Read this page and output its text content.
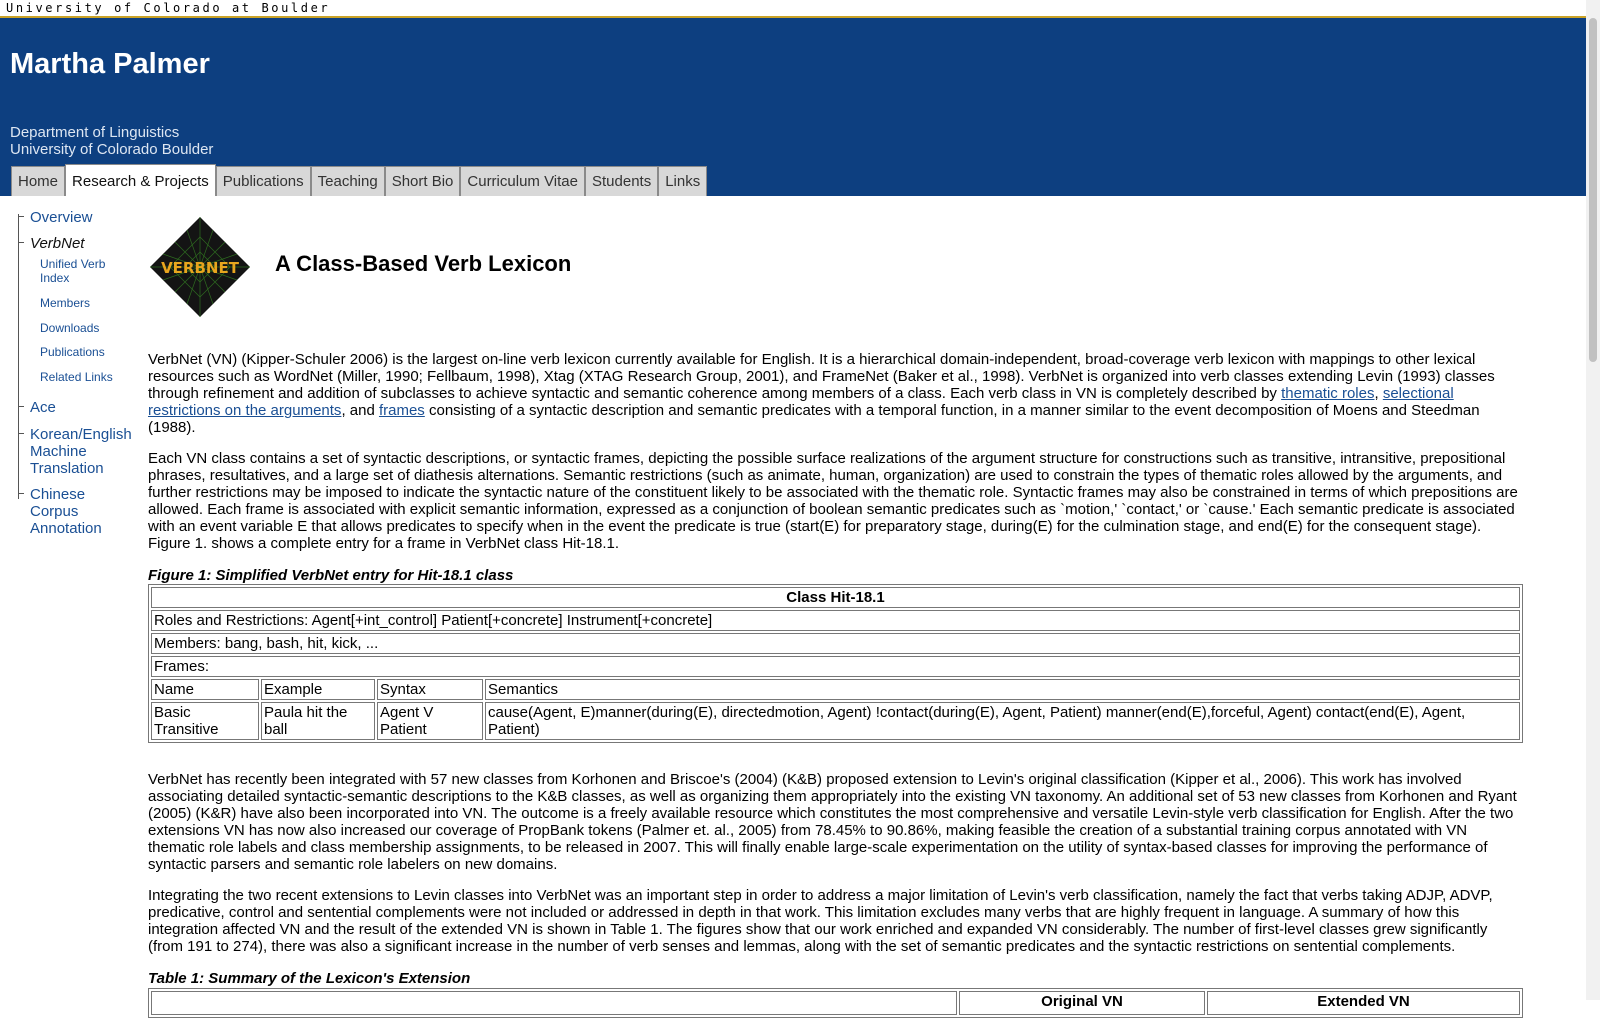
University of Colorado at Boulder
Martha Palmer
Department of Linguistics
University of Colorado Boulder
Home Research & Projects Publications Teaching Short Bio Curriculum Vitae Students Links
Overview
VerbNet
Unified Verb
Index
Members
Downloads
Publications
Related Links
Ace
Korean/English
Machine
Translation
Chinese
Corpus
Annotation
VERBNET A Class-Based Verb Lexicon

VerbNet (VN) (Kipper-Schuler 2006) is the largest on-line verb lexicon currently available for English. It is a hierarchical domain-independent, broad-coverage verb lexicon with mappings to other lexical resources such as WordNet (Miller, 1990; Fellbaum, 1998), Xtag (XTAG Research Group, 2001), and FrameNet (Baker et al., 1998). VerbNet is organized into verb classes extending Levin (1993) classes through refinement and addition of subclasses to achieve syntactic and semantic coherence among members of a class. Each verb class in VN is completely described by thematic roles, selectional restrictions on the arguments, and frames consisting of a syntactic description and semantic predicates with a temporal function, in a manner similar to the event decomposition of Moens and Steedman (1988).

Each VN class contains a set of syntactic descriptions, or syntactic frames, depicting the possible surface realizations of the argument structure for constructions such as transitive, intransitive, prepositional phrases, resultatives, and a large set of diathesis alternations. Semantic restrictions (such as animate, human, organization) are used to constrain the types of thematic roles allowed by the arguments, and further restrictions may be imposed to indicate the syntactic nature of the constituent likely to be associated with the thematic role. Syntactic frames may also be constrained in terms of which prepositions are allowed. Each frame is associated with explicit semantic information, expressed as a conjunction of boolean semantic predicates such as `motion,' `contact,' or `cause.' Each semantic predicate is associated with an event variable E that allows predicates to specify when in the event the predicate is true (start(E) for preparatory stage, during(E) for the culmination stage, and end(E) for the consequent stage). Figure 1. shows a complete entry for a frame in VerbNet class Hit-18.1.

Figure 1: Simplified VerbNet entry for Hit-18.1 class
Class Hit-18.1			
Roles and Restrictions: Agent[+int_control] Patient[+concrete] Instrument[+concrete]			
Members: bang, bash, hit, kick, ...			
Frames:			
Name	Example	Syntax	Semantics
Basic Transitive	Paula hit the ball	Agent V Patient	cause(Agent, E)manner(during(E), directedmotion, Agent) !contact(during(E), Agent, Patient) manner(end(E),forceful, Agent) contact(end(E), Agent, Patient)

VerbNet has recently been integrated with 57 new classes from Korhonen and Briscoe's (2004) (K&B) proposed extension to Levin's original classification (Kipper et al., 2006). This work has involved associating detailed syntactic-semantic descriptions to the K&B classes, as well as organizing them appropriately into the existing VN taxonomy. An additional set of 53 new classes from Korhonen and Ryant (2005) (K&R) have also been incorporated into VN. The outcome is a freely available resource which constitutes the most comprehensive and versatile Levin-style verb classification for English. After the two extensions VN has now also increased our coverage of PropBank tokens (Palmer et. al., 2005) from 78.45% to 90.86%, making feasible the creation of a substantial training corpus annotated with VN thematic role labels and class membership assignments, to be released in 2007. This will finally enable large-scale experimentation on the utility of syntax-based classes for improving the performance of syntactic parsers and semantic role labelers on new domains.

Integrating the two recent extensions to Levin classes into VerbNet was an important step in order to address a major limitation of Levin's verb classification, namely the fact that verbs taking ADJP, ADVP, predicative, control and sentential complements were not included or addressed in depth in that work. This limitation excludes many verbs that are highly frequent in language. A summary of how this integration affected VN and the result of the extended VN is shown in Table 1. The figures show that our work enriched and expanded VN considerably. The number of first-level classes grew significantly (from 191 to 274), there was also a significant increase in the number of verb senses and lemmas, along with the set of semantic predicates and the syntactic restrictions on sentential complements.

Table 1: Summary of the Lexicon's Extension
	Original VN	Extended VN
